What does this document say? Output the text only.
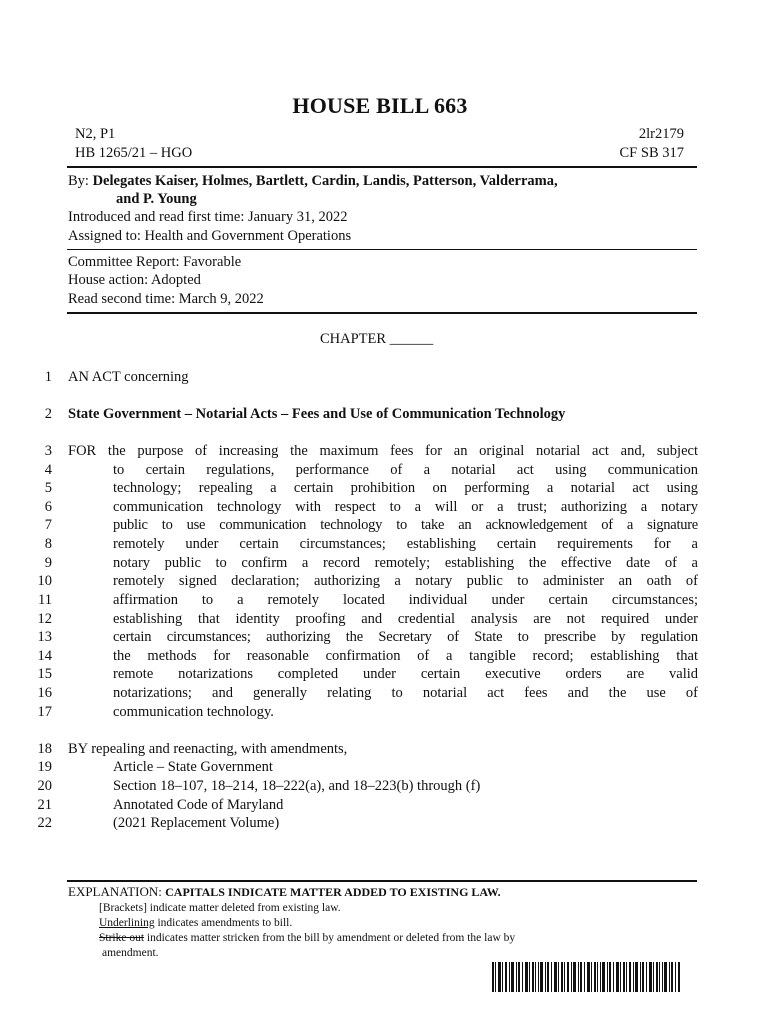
HOUSE BILL 663
N2, P1
HB 1265/21 – HGO
2lr2179
CF SB 317
By: Delegates Kaiser, Holmes, Bartlett, Cardin, Landis, Patterson, Valderrama,
and P. Young
Introduced and read first time: January 31, 2022
Assigned to: Health and Government Operations
Committee Report: Favorable
House action: Adopted
Read second time: March 9, 2022
CHAPTER ______
1 AN ACT concerning
2 State Government – Notarial Acts – Fees and Use of Communication Technology
3 FOR the purpose of increasing the maximum fees for an original notarial act and, subject
4	to certain regulations, performance of a notarial act using communication
5	technology; repealing a certain prohibition on performing a notarial act using
6	communication technology with respect to a will or a trust; authorizing a notary
7	public to use communication technology to take an acknowledgement of a signature
8	remotely under certain circumstances; establishing certain requirements for a
9	notary public to confirm a record remotely; establishing the effective date of a
10	remotely signed declaration; authorizing a notary public to administer an oath of
11	affirmation to a remotely located individual under certain circumstances;
12	establishing that identity proofing and credential analysis are not required under
13	certain circumstances; authorizing the Secretary of State to prescribe by regulation
14	the methods for reasonable confirmation of a tangible record; establishing that
15	remote notarizations completed under certain executive orders are valid
16	notarizations; and generally relating to notarial act fees and the use of
17	communication technology.
18 BY repealing and reenacting, with amendments,
19	Article – State Government
20	Section 18–107, 18–214, 18–222(a), and 18–223(b) through (f)
21	Annotated Code of Maryland
22	(2021 Replacement Volume)
EXPLANATION: CAPITALS INDICATE MATTER ADDED TO EXISTING LAW.
[Brackets] indicate matter deleted from existing law.
Underlining indicates amendments to bill.
Strike out indicates matter stricken from the bill by amendment or deleted from the law by
amendment.
